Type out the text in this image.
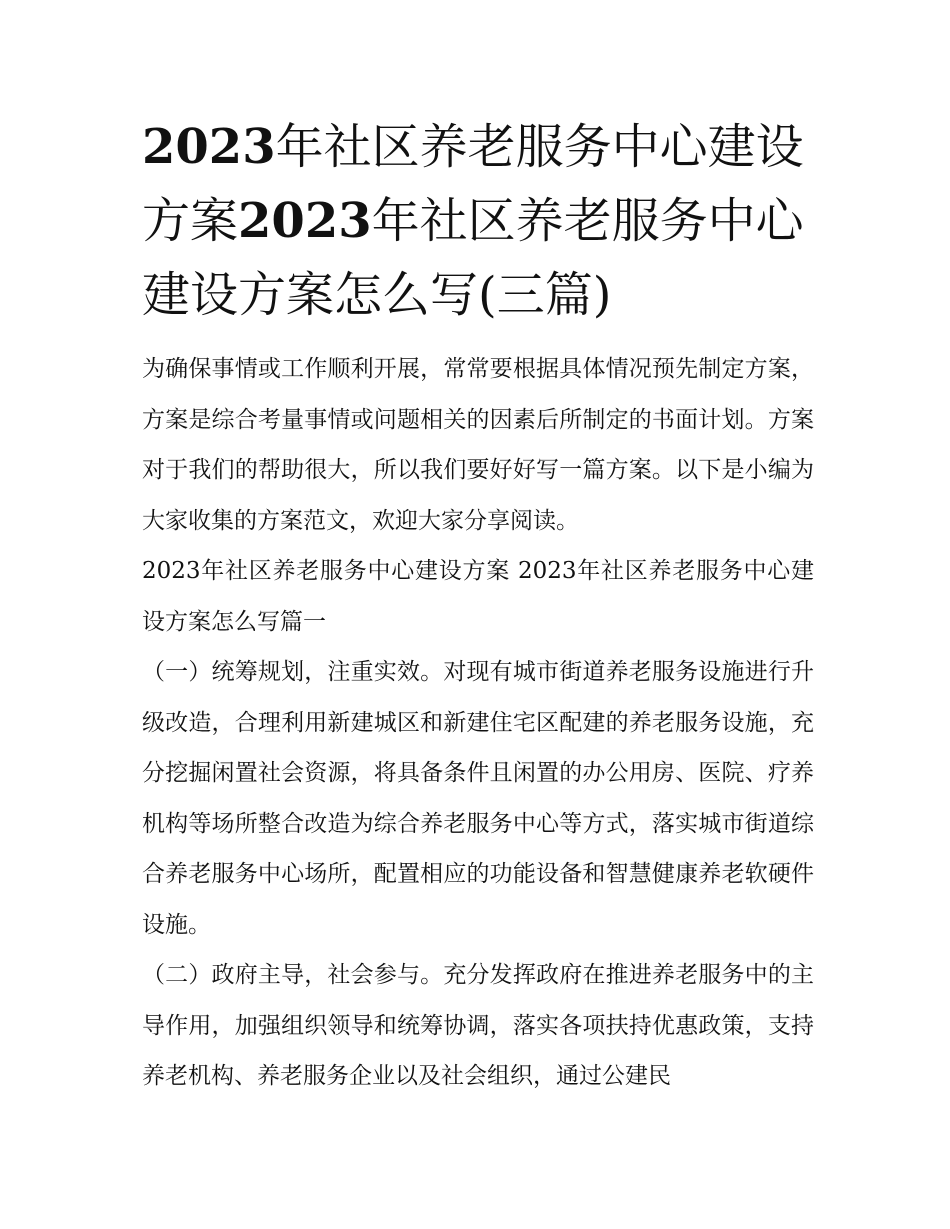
2023年社区养老服务中心建设方案2023年社区养老服务中心建设方案怎么写(三篇)

为确保事情或工作顺利开展，常常要根据具体情况预先制定方案，方案是综合考量事情或问题相关的因素后所制定的书面计划。方案对于我们的帮助很大，所以我们要好好写一篇方案。以下是小编为大家收集的方案范文，欢迎大家分享阅读。

2023年社区养老服务中心建设方案 2023年社区养老服务中心建设方案怎么写篇一

（一）统筹规划，注重实效。对现有城市街道养老服务设施进行升级改造，合理利用新建城区和新建住宅区配建的养老服务设施，充分挖掘闲置社会资源，将具备条件且闲置的办公用房、医院、疗养机构等场所整合改造为综合养老服务中心等方式，落实城市街道综合养老服务中心场所，配置相应的功能设备和智慧健康养老软硬件设施。

（二）政府主导，社会参与。充分发挥政府在推进养老服务中的主导作用，加强组织领导和统筹协调，落实各项扶持优惠政策，支持养老机构、养老服务企业以及社会组织，通过公建民
